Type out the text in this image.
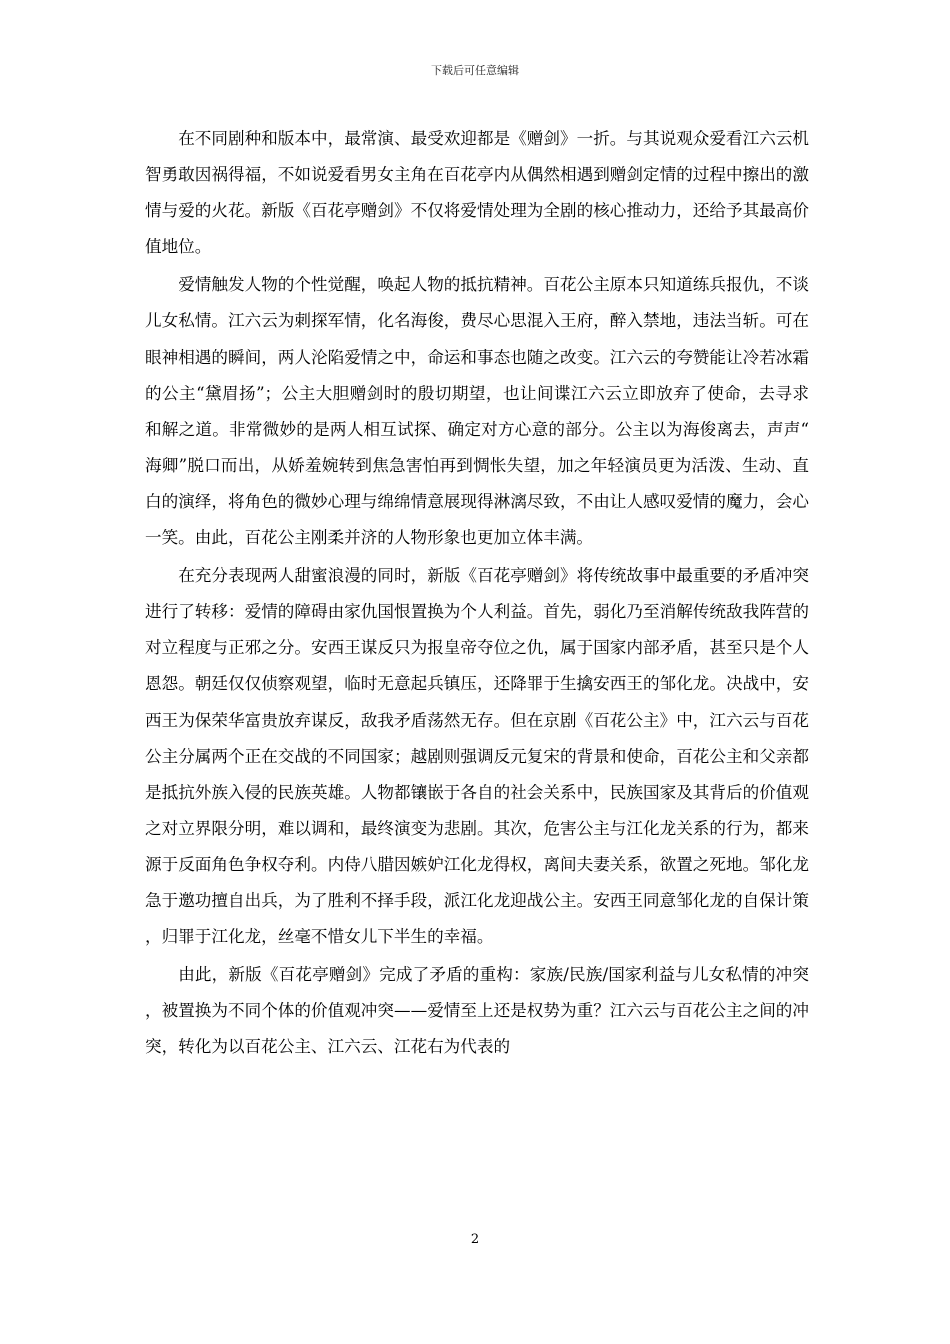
下载后可任意编辑

在不同剧种和版本中，最常演、最受欢迎都是《赠剑》一折。与其说观众爱看江六云机智勇敢因祸得福，不如说爱看男女主角在百花亭内从偶然相遇到赠剑定情的过程中擦出的激情与爱的火花。新版《百花亭赠剑》不仅将爱情处理为全剧的核心推动力，还给予其最高价值地位。

爱情触发人物的个性觉醒，唤起人物的抵抗精神。百花公主原本只知道练兵报仇，不谈儿女私情。江六云为刺探军情，化名海俊，费尽心思混入王府，醉入禁地，违法当斩。可在眼神相遇的瞬间，两人沦陷爱情之中，命运和事态也随之改变。江六云的夸赞能让冷若冰霜的公主“黛眉扬”；公主大胆赠剑时的殷切期望，也让间谍江六云立即放弃了使命，去寻求和解之道。非常微妙的是两人相互试探、确定对方心意的部分。公主以为海俊离去，声声“海卿”脱口而出，从娇羞婉转到焦急害怕再到惆怅失望，加之年轻演员更为活泼、生动、直白的演绎，将角色的微妙心理与绵绵情意展现得淋漓尽致，不由让人感叹爱情的魔力，会心一笑。由此，百花公主刚柔并济的人物形象也更加立体丰满。

在充分表现两人甜蜜浪漫的同时，新版《百花亭赠剑》将传统故事中最重要的矛盾冲突进行了转移：爱情的障碍由家仇国恨置换为个人利益。首先，弱化乃至消解传统敌我阵营的对立程度与正邪之分。安西王谋反只为报皇帝夺位之仇，属于国家内部矛盾，甚至只是个人恩怨。朝廷仅仅侦察观望，临时无意起兵镇压，还降罪于生擒安西王的邹化龙。决战中，安西王为保荣华富贵放弃谋反，敌我矛盾荡然无存。但在京剧《百花公主》中，江六云与百花公主分属两个正在交战的不同国家；越剧则强调反元复宋的背景和使命，百花公主和父亲都是抵抗外族入侵的民族英雄。人物都镶嵌于各自的社会关系中，民族国家及其背后的价值观之对立界限分明，难以调和，最终演变为悲剧。其次，危害公主与江化龙关系的行为，都来源于反面角色争权夺利。内侍八腊因嫉妒江化龙得权，离间夫妻关系，欲置之死地。邹化龙急于邀功擅自出兵，为了胜利不择手段，派江化龙迎战公主。安西王同意邹化龙的自保计策，归罪于江化龙，丝毫不惜女儿下半生的幸福。

由此，新版《百花亭赠剑》完成了矛盾的重构：家族/民族/国家利益与儿女私情的冲突，被置换为不同个体的价值观冲突——爱情至上还是权势为重？江六云与百花公主之间的冲突，转化为以百花公主、江六云、江花右为代表的

2
